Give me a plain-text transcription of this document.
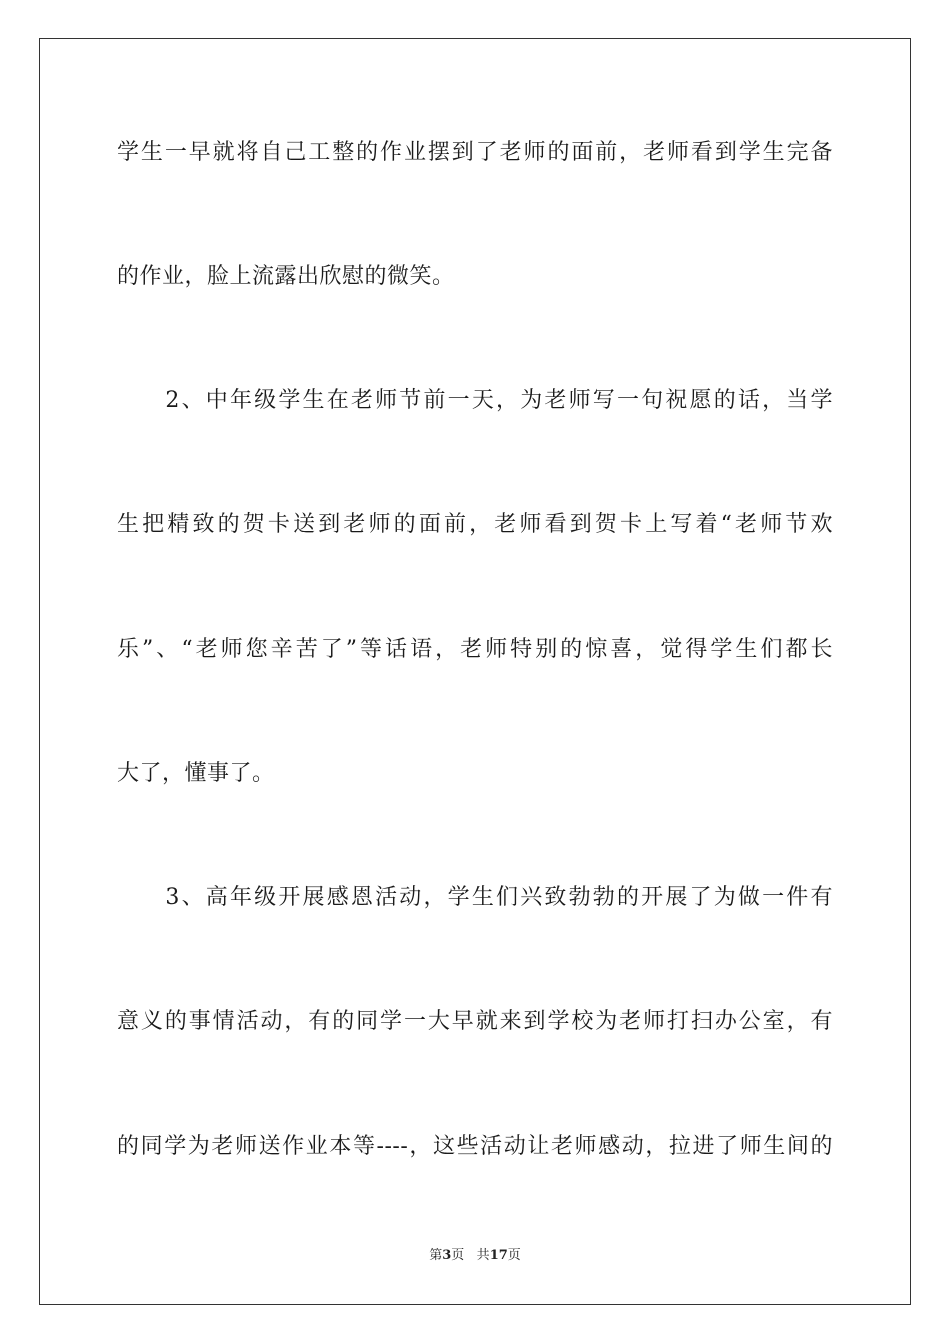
学生一早就将自己工整的作业摆到了老师的面前，老师看到学生完备
的作业，脸上流露出欣慰的微笑。
　　2、中年级学生在老师节前一天，为老师写一句祝愿的话，当学
生把精致的贺卡送到老师的面前，老师看到贺卡上写着“老师节欢
乐”、“老师您辛苦了”等话语，老师特别的惊喜，觉得学生们都长
大了，懂事了。
　　3、高年级开展感恩活动，学生们兴致勃勃的开展了为做一件有
意义的事情活动，有的同学一大早就来到学校为老师打扫办公室，有
的同学为老师送作业本等----，这些活动让老师感动，拉进了师生间的
第3页 共17页
